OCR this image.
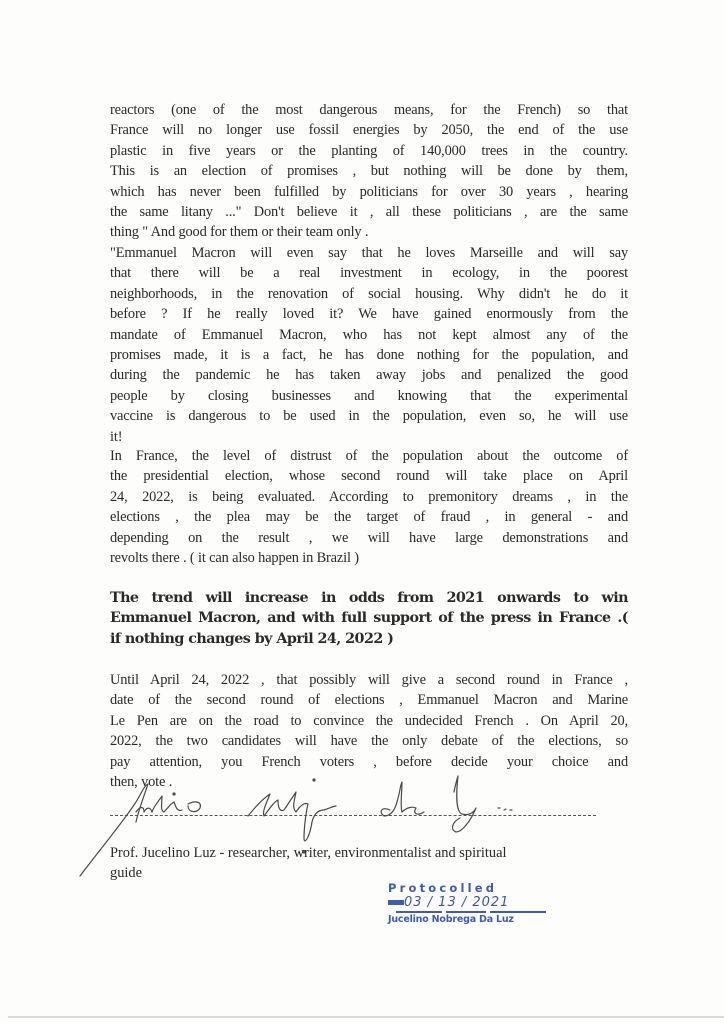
reactors (one of the most dangerous means, for the French) so that
France will no longer use fossil energies by 2050, the end of the use
plastic in five years or the planting of 140,000 trees in the country.
This is an election of promises , but nothing will be done by them,
which has never been fulfilled by politicians for over 30 years , hearing
the same litany ..." Don't believe it , all these politicians , are the same
thing " And good for them or their team only .
"Emmanuel Macron will even say that he loves Marseille and will say
that there will be a real investment in ecology, in the poorest
neighborhoods, in the renovation of social housing. Why didn't he do it
before ? If he really loved it? We have gained enormously from the
mandate of Emmanuel Macron, who has not kept almost any of the
promises made, it is a fact, he has done nothing for the population, and
during the pandemic he has taken away jobs and penalized the good
people by closing businesses and knowing that the experimental
vaccine is dangerous to be used in the population, even so, he will use
it!
In France, the level of distrust of the population about the outcome of
the presidential election, whose second round will take place on April
24, 2022, is being evaluated. According to premonitory dreams , in the
elections , the plea may be the target of fraud , in general - and
depending on the result , we will have large demonstrations and
revolts there . ( it can also happen in Brazil )
The trend will increase in odds from 2021 onwards to win
Emmanuel Macron, and with full support of the press in France .(
if nothing changes by April 24, 2022 )
Until April 24, 2022 , that possibly will give a second round in France ,
date of the second round of elections , Emmanuel Macron and Marine
Le Pen are on the road to convince the undecided French . On April 20,
2022, the two candidates will have the only debate of the elections, so
pay attention, you French voters , before decide your choice and
then, vote .
Prof. Jucelino Luz - researcher, writer, environmentalist and spiritual
guide
Protocolled
03 / 13 / 2021
Jucelino Nobrega Da Luz
